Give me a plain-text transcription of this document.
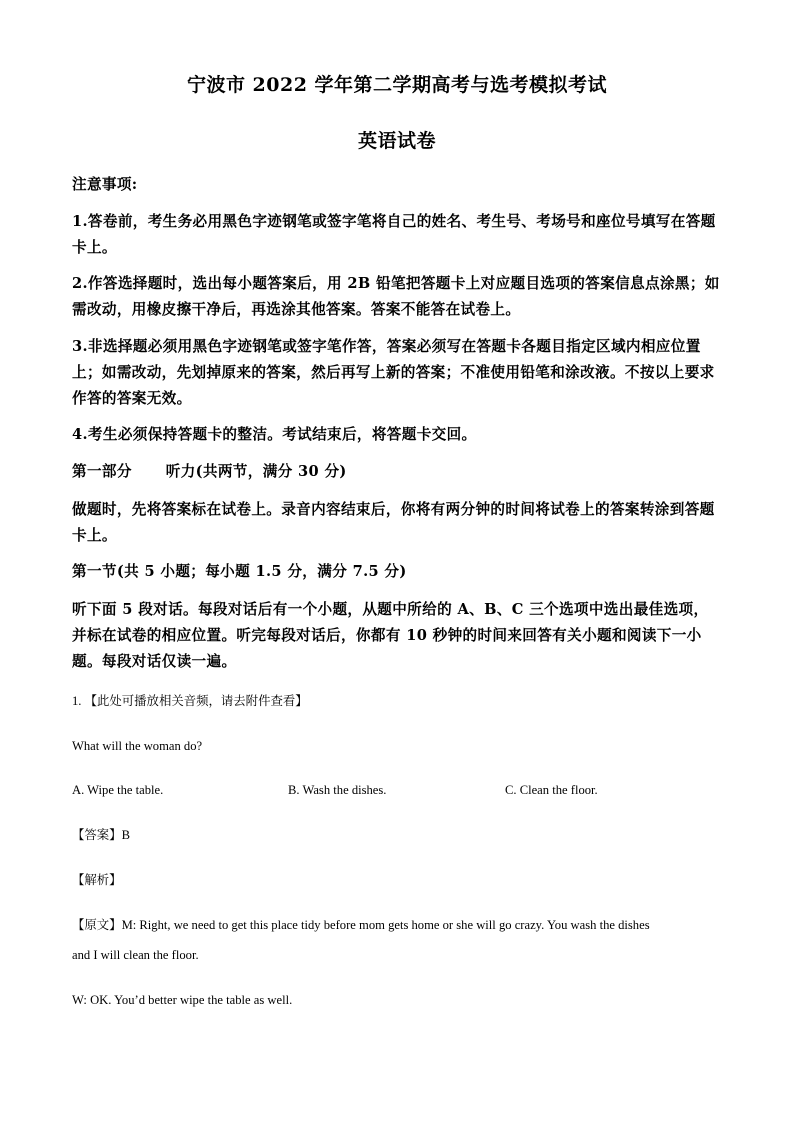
宁波市 2022 学年第二学期高考与选考模拟考试
英语试卷
注意事项:
1.答卷前，考生务必用黑色字迹钢笔或签字笔将自己的姓名、考生号、考场号和座位号填写在答题卡上。
2.作答选择题时，选出每小题答案后，用 2B 铅笔把答题卡上对应题目选项的答案信息点涂黑；如需改动，用橡皮擦干净后，再选涂其他答案。答案不能答在试卷上。
3.非选择题必须用黑色字迹钢笔或签字笔作答，答案必须写在答题卡各题目指定区域内相应位置上；如需改动，先划掉原来的答案，然后再写上新的答案；不准使用铅笔和涂改液。不按以上要求作答的答案无效。
4.考生必须保持答题卡的整洁。考试结束后，将答题卡交回。
第一部分 听力(共两节，满分 30 分)
做题时，先将答案标在试卷上。录音内容结束后，你将有两分钟的时间将试卷上的答案转涂到答题卡上。
第一节(共 5 小题；每小题 1.5 分，满分 7.5 分)
听下面 5 段对话。每段对话后有一个小题，从题中所给的 A、B、C 三个选项中选出最佳选项，并标在试卷的相应位置。听完每段对话后，你都有 10 秒钟的时间来回答有关小题和阅读下一小题。每段对话仅读一遍。
1. 【此处可播放相关音频，请去附件查看】
What will the woman do?
A. Wipe the table.	B. Wash the dishes.	C. Clean the floor.
【答案】B
【解析】
【原文】M: Right, we need to get this place tidy before mom gets home or she will go crazy. You wash the dishes
and I will clean the floor.
W: OK. You’d better wipe the table as well.
